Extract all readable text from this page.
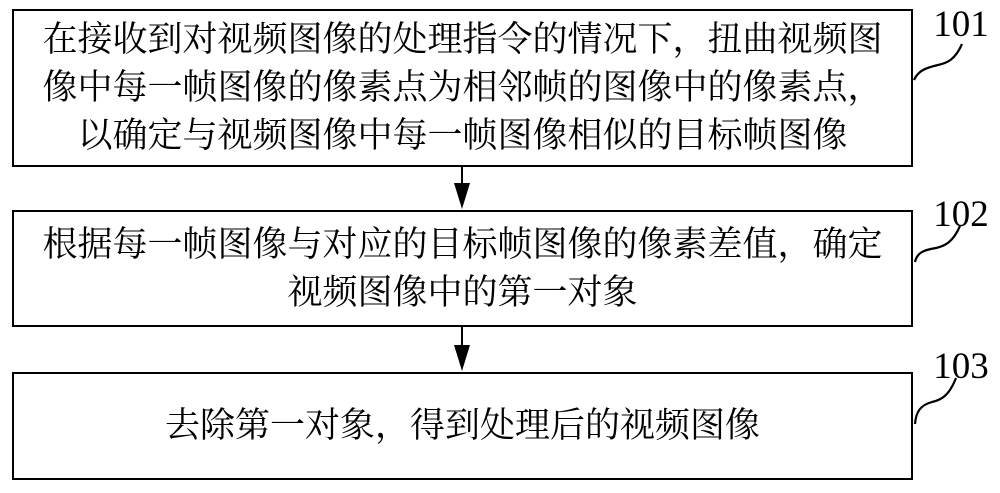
在接收到对视频图像的处理指令的情况下，扭曲视频图
像中每一帧图像的像素点为相邻帧的图像中的像素点，
以确定与视频图像中每一帧图像相似的目标帧图像
根据每一帧图像与对应的目标帧图像的像素差值，确定
视频图像中的第一对象
去除第一对象，得到处理后的视频图像
101
102
103
